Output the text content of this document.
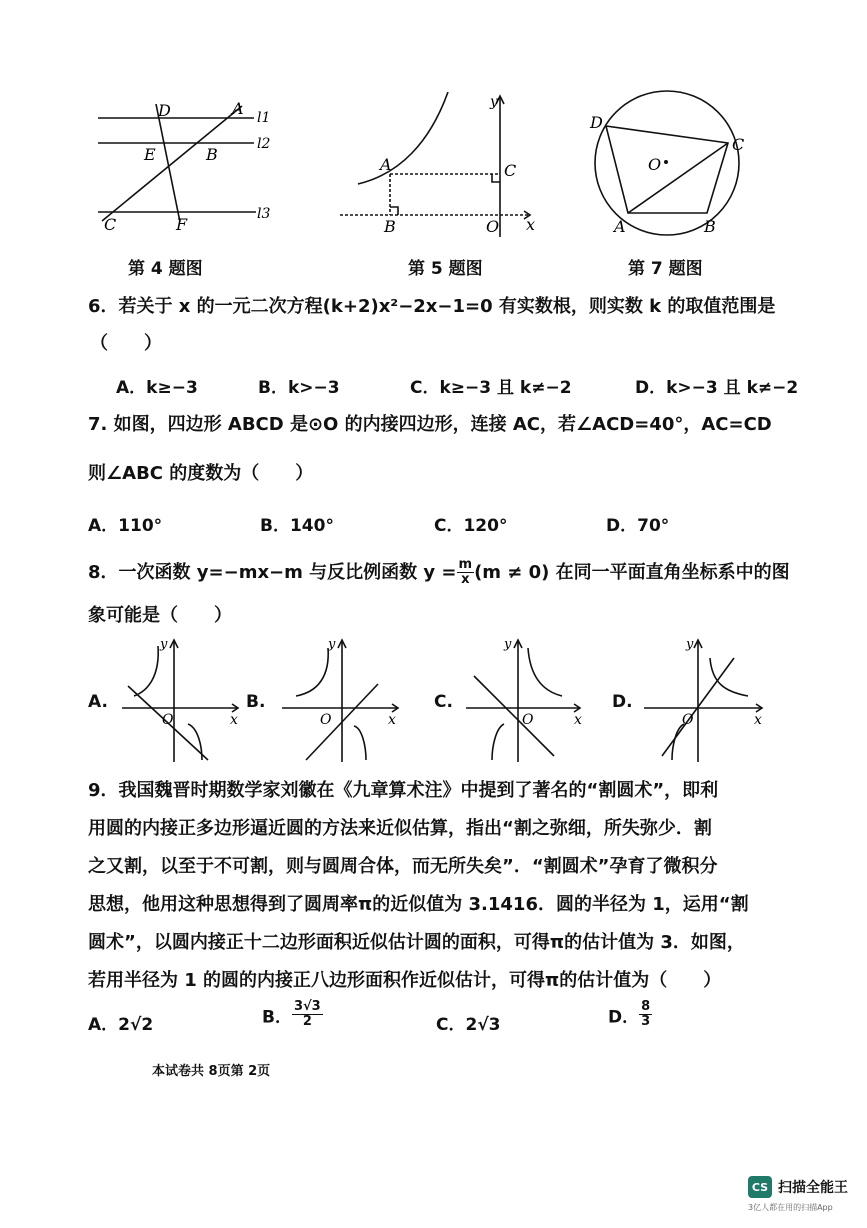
D	A l1
E	B
l2
C	F
l3
第 4 题图
y
A	C
B	O x
第 5 题图
D
C
O
A	B
第 7 题图
6．若关于 x 的一元二次方程(k+2)x²−2x−1=0 有实数根，则实数 k 的取值范围是
（　　）
A．k≥−3	B．k>−3	C．k≥−3 且 k≠−2	D．k>−3 且 k≠−2
7. 如图，四边形 ABCD 是⊙O 的内接四边形，连接 AC，若∠ACD=40°，AC=CD
则∠ABC 的度数为（　　）
A．110°	B．140°	C．120°	D．70°
8．一次函数 y=−mx−m 与反比例函数 $y = \frac{m}{x} (m \ne 0)$ 在同一平面直角坐标系中的图
象可能是（　　）
A.
y
O	x
B.
y
O	x
C.
y
O	x
D.
y
O	x
9．我国魏晋时期数学家刘徽在《九章算术注》中提到了著名的“割圆术”，即利
用圆的内接正多边形逼近圆的方法来近似估算，指出“割之弥细，所失弥少．割
之又割，以至于不可割，则与圆周合体，而无所失矣”．“割圆术”孕育了微积分
思想，他用这种思想得到了圆周率π的近似值为 3.1416．圆的半径为 1，运用“割
圆术”，以圆内接正十二边形面积近似估计圆的面积，可得π的估计值为 3．如图，
若用半径为 1 的圆的内接正八边形面积作近似估计，可得π的估计值为（　　）
A．2√2	B． $\frac{3√3}{2}$	C．2√3	D． $\frac{8}{3}$
本试卷共 8页第 2页
CS 扫描全能王
3亿人都在用的扫描App
